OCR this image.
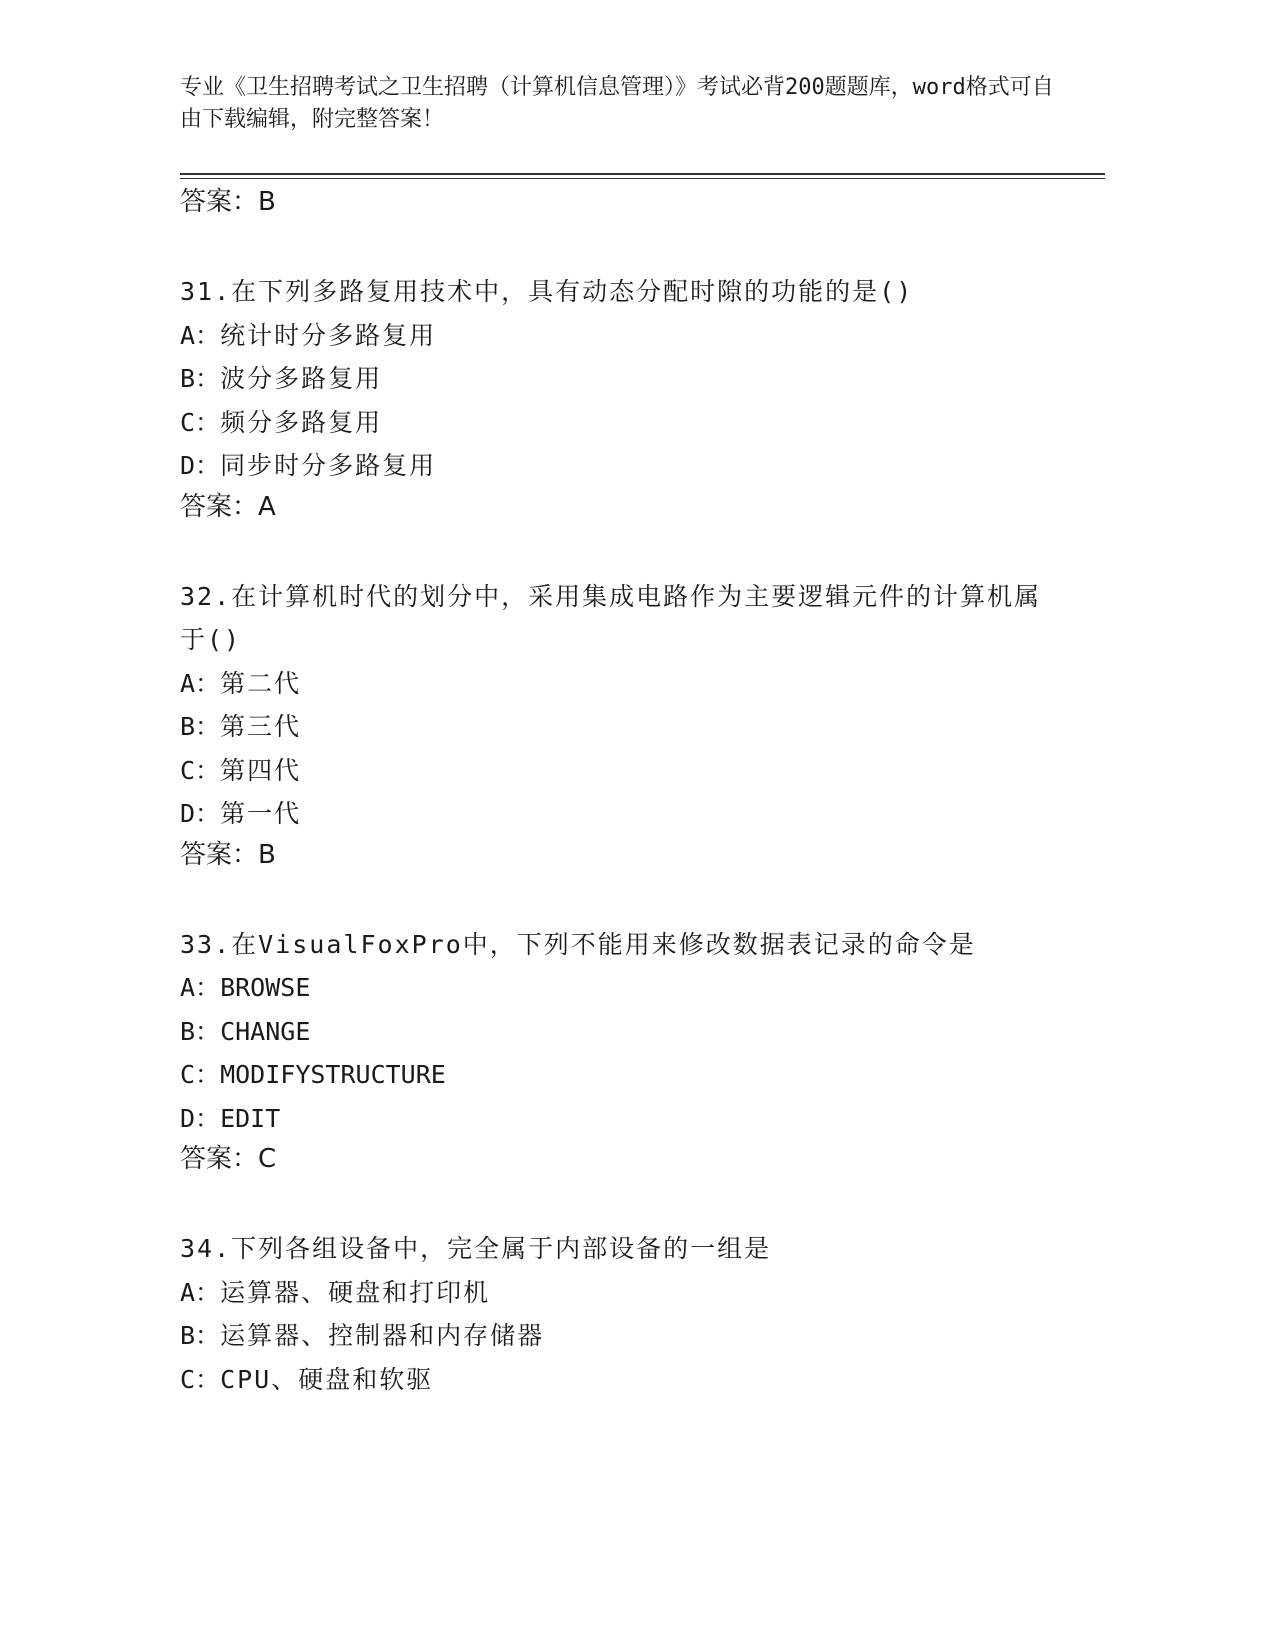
专业《卫生招聘考试之卫生招聘（计算机信息管理）》考试必背200题题库，word格式可自由下载编辑，附完整答案！
答案：B
31.在下列多路复用技术中，具有动态分配时隙的功能的是()
A：统计时分多路复用
B：波分多路复用
C：频分多路复用
D：同步时分多路复用
答案：A
32.在计算机时代的划分中，采用集成电路作为主要逻辑元件的计算机属于()
A：第二代
B：第三代
C：第四代
D：第一代
答案：B
33.在VisualFoxPro中，下列不能用来修改数据表记录的命令是
A：BROWSE
B：CHANGE
C：MODIFYSTRUCTURE
D：EDIT
答案：C
34.下列各组设备中，完全属于内部设备的一组是
A：运算器、硬盘和打印机
B：运算器、控制器和内存储器
C：CPU、硬盘和软驱
